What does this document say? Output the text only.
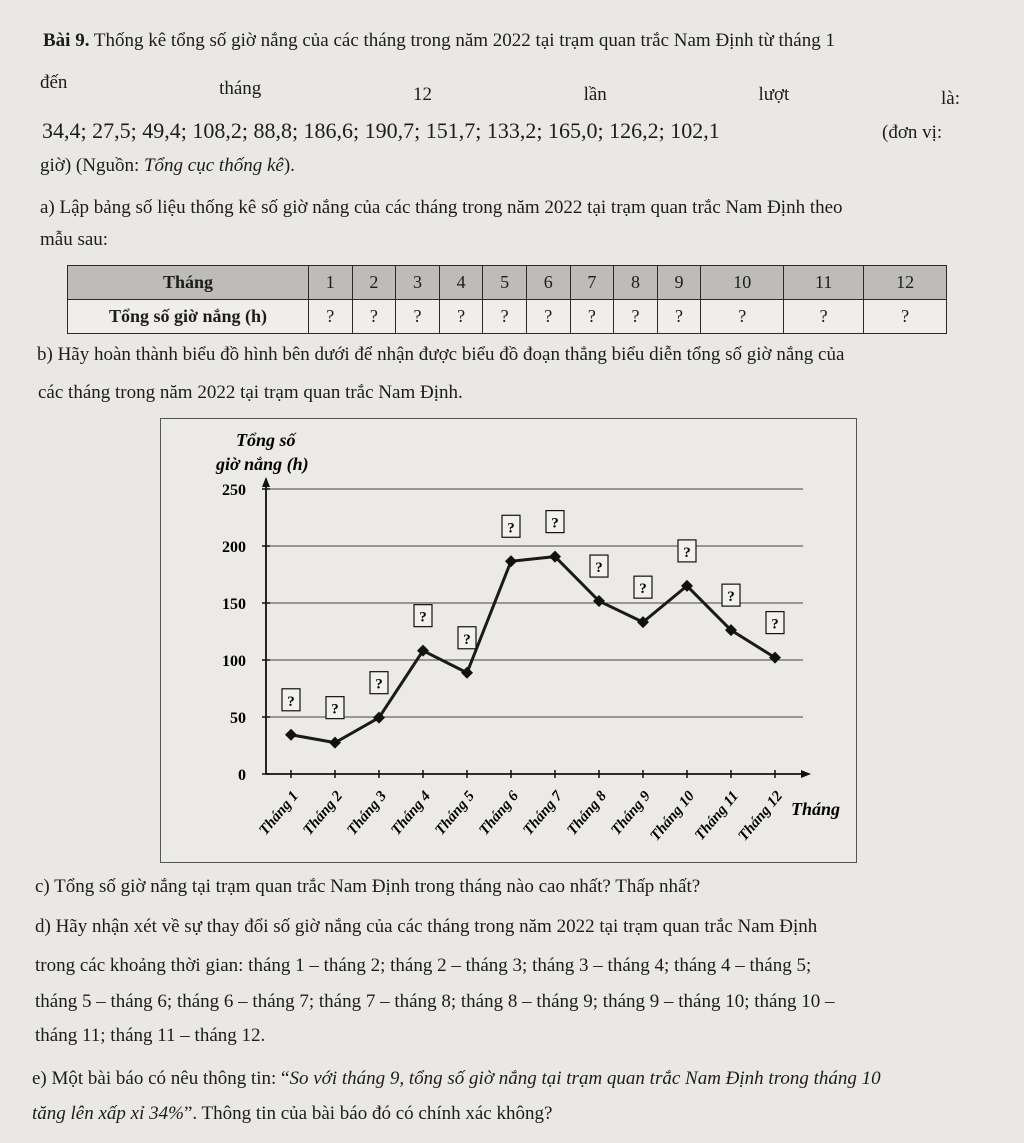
Bài 9. Thống kê tổng số giờ nắng của các tháng trong năm 2022 tại trạm quan trắc Nam Định từ tháng 1
đến	tháng	12	lần	lượt	là:
34,4; 27,5; 49,4; 108,2; 88,8; 186,6; 190,7; 151,7; 133,2; 165,0; 126,2; 102,1	(đơn vị:
giờ) (Nguồn: Tổng cục thống kê).
a) Lập bảng số liệu thống kê số giờ nắng của các tháng trong năm 2022 tại trạm quan trắc Nam Định theo
mẫu sau:
Tháng	1	2	3	4	5	6	7	8	9	10	11	12
Tổng số giờ nắng (h)	?	?	?	?	?	?	?	?	?	?	?	?
b) Hãy hoàn thành biểu đồ hình bên dưới để nhận được biểu đồ đoạn thẳng biểu diễn tổng số giờ nắng của
các tháng trong năm 2022 tại trạm quan trắc Nam Định.
Tổng số
giờ nắng (h)
Tháng
0
50
100
150
200
250
Tháng 1
Tháng 2
Tháng 3
Tháng 4
Tháng 5
Tháng 6
Tháng 7
Tháng 8
Tháng 9
Tháng 10
Tháng 11
Tháng 12
? ?
?
?
?
? ?
?
?
?
?
?
c) Tổng số giờ nắng tại trạm quan trắc Nam Định trong tháng nào cao nhất? Thấp nhất?
d) Hãy nhận xét về sự thay đổi số giờ nắng của các tháng trong năm 2022 tại trạm quan trắc Nam Định
trong các khoảng thời gian: tháng 1 – tháng 2; tháng 2 – tháng 3; tháng 3 – tháng 4; tháng 4 – tháng 5;
tháng 5 – tháng 6; tháng 6 – tháng 7; tháng 7 – tháng 8; tháng 8 – tháng 9; tháng 9 – tháng 10; tháng 10 –
tháng 11; tháng 11 – tháng 12.
e) Một bài báo có nêu thông tin: “So với tháng 9, tổng số giờ nắng tại trạm quan trắc Nam Định trong tháng 10
tăng lên xấp xỉ 34%”. Thông tin của bài báo đó có chính xác không?
